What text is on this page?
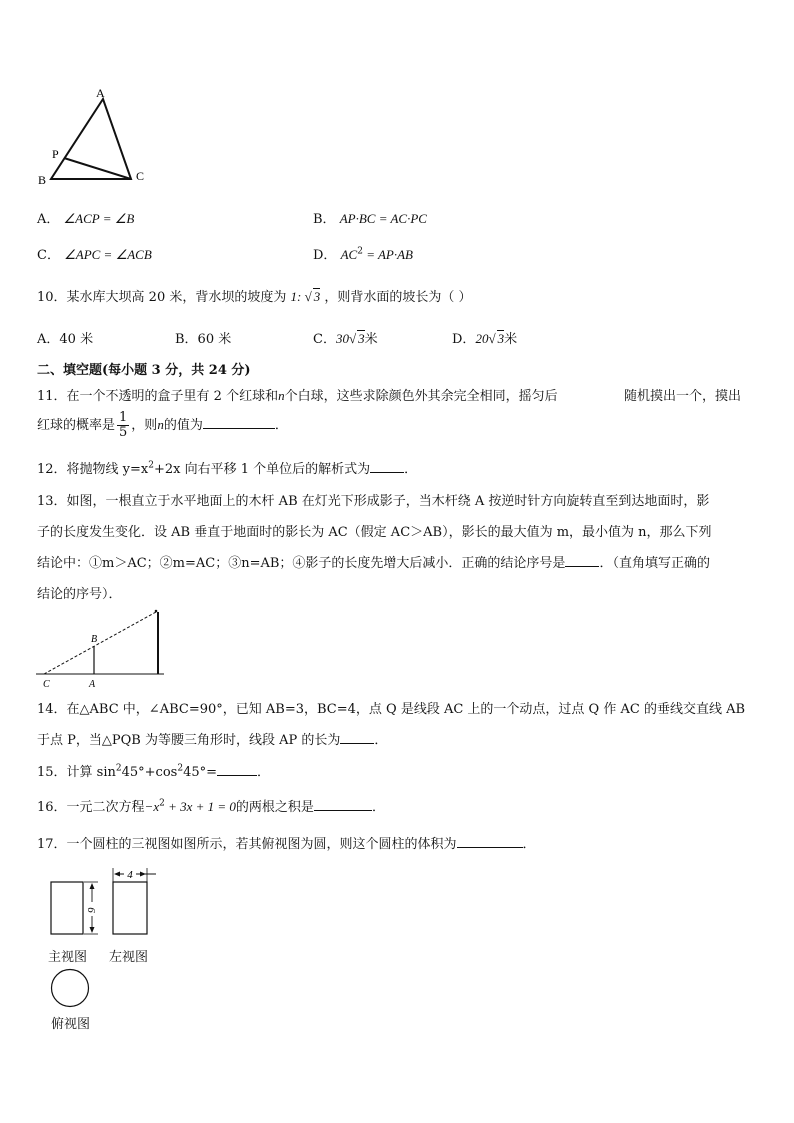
A
P
B	C
A． ∠ACP = ∠B	B． AP·BC = AC·PC
C． ∠APC = ∠ACB	D． $AC^2 = AP\cdot AB$
10．某水库大坝高 20 米，背水坝的坡度为 1: √ 3 ，则背水面的坡长为（ ）
A．40 米	B．60 米	C．30√ 3米	D．20√ 3米
二、填空题(每小题 3 分，共 24 分)
11．在一个不透明的盒子里有 2 个红球和n个白球，这些求除颜色外其余完全相同，摇匀后	随机摸出一个，摸出
红球的概率是 $\frac{1}{5}$ ，则n的值为	．
12．将抛物线 $y=x^2+2x$ 向右平移 1 个单位后的解析式为	．
13．如图，一根直立于水平地面上的木杆 AB 在灯光下形成影子，当木杆绕 A 按逆时针方向旋转直至到达地面时，影
子的长度发生变化．设 AB 垂直于地面时的影长为 AC（假定 AC＞AB），影长的最大值为 m，最小值为 n，那么下列
结论中：①m＞AC；②m=AC；③n=AB；④影子的长度先增大后减小．正确的结论序号是	．（直角填写正确的
结论的序号）．
B
C	A
14．在△ABC 中，∠ABC=90°，已知 AB=3，BC=4，点 Q 是线段 AC 上的一个动点，过点 Q 作 AC 的垂线交直线 AB
于点 P，当△PQB 为等腰三角形时，线段 AP 的长为	．
15．计算 $\sin^245^\circ+\cos^245^\circ=$	．
16．一元二次方程$-x^2 + 3x + 1 = 0$的两根之积是	．
17．一个圆柱的三视图如图所示，若其俯视图为圆，则这个圆柱的体积为	．
6
4
主视图 左视图
俯视图
